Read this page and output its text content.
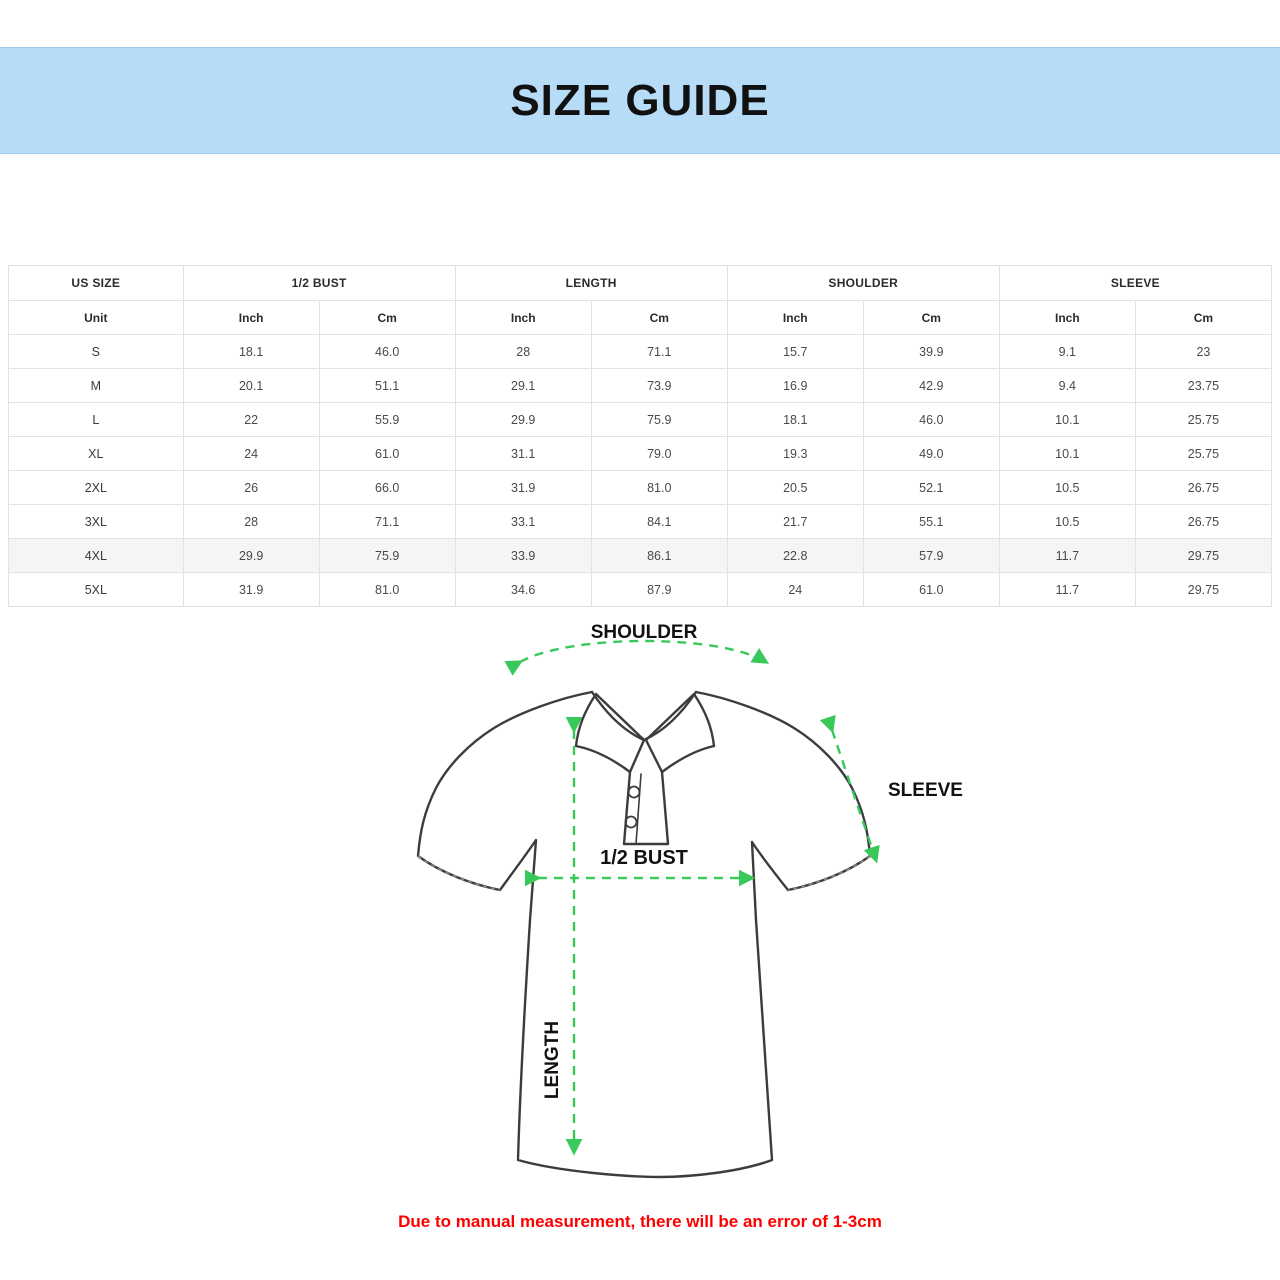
SIZE GUIDE
US SIZE	1/2 BUST		LENGTH		SHOULDER		SLEEVE	
Unit	Inch	Cm	Inch	Cm	Inch	Cm	Inch	Cm
S	18.1	46.0	28	71.1	15.7	39.9	9.1	23
M	20.1	51.1	29.1	73.9	16.9	42.9	9.4	23.75
L	22	55.9	29.9	75.9	18.1	46.0	10.1	25.75
XL	24	61.0	31.1	79.0	19.3	49.0	10.1	25.75
2XL	26	66.0	31.9	81.0	20.5	52.1	10.5	26.75
3XL	28	71.1	33.1	84.1	21.7	55.1	10.5	26.75
4XL	29.9	75.9	33.9	86.1	22.8	57.9	11.7	29.75
5XL	31.9	81.0	34.6	87.9	24	61.0	11.7	29.75
SHOULDER
SLEEVE
1/2 BUST
LENGTH
Due to manual measurement, there will be an error of 1-3cm
